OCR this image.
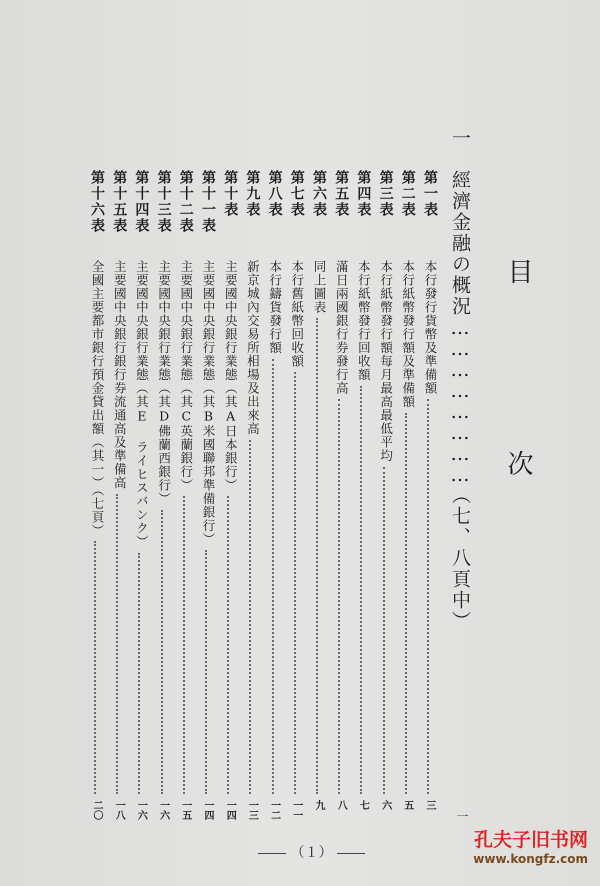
目　次
一　經濟金融の概況……………………（七、八頁中）
一
第一表
本行發行貨幣及準備額
三
第二表
本行紙幣發行額及準備額
五
第三表
本行紙幣發行額每月最高最低平均
六
第四表
本行紙幣發行回收額
七
第五表
滿日兩國銀行券發行高
八
第六表
同上圖表
九
第七表
本行舊紙幣回收額
一一
第八表
本行鑄貨發行額
一二
第九表
新京城內交易所相場及出來高
一三
第十表
主要國中央銀行業態（其A日本銀行）
一四
第十一表
主要國中央銀行業態（其B米國聯邦準備銀行）
一四
第十二表
主要國中央銀行業態（其C英蘭銀行）
一五
第十三表
主要國中央銀行業態（其D佛蘭西銀行）
一六
第十四表
主要國中央銀行業態（其E ライヒスバンク）
一六
第十五表
主要國中央銀行銀行券流通高及準備高
一八
第十六表
全國主要都市銀行預金貸出額（其一）（七頁）
二〇
（１）
孔夫子旧书网
www.kongfz.com
